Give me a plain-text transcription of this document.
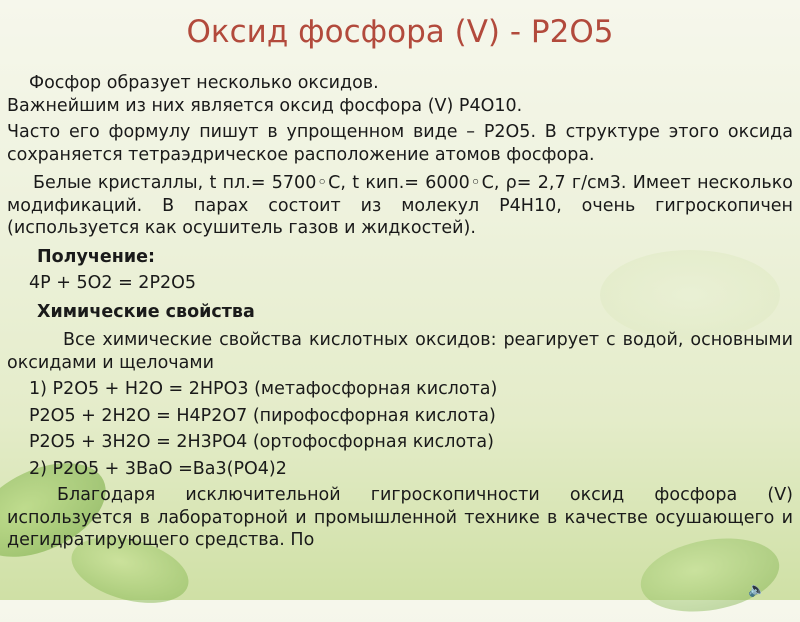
Оксид фосфора (V) - P2O5

Фосфор образует несколько оксидов.

Важнейшим из них является оксид фосфора (V) P4O10.

Часто его формулу пишут в упрощенном виде – P2O5. В структуре этого оксида сохраняется тетраэдрическое расположение атомов фосфора.

Белые кристаллы, t пл.= 5700◦С, t кип.= 6000◦С, ρ= 2,7 г/см3. Имеет несколько модификаций. В парах состоит из молекул P4H10, очень гигроскопичен (используется как осушитель газов и жидкостей).

Получение:

4P + 5O2 = 2P2O5

Химические свойства

Все химические свойства кислотных оксидов: реагирует с водой, основными оксидами и щелочами

1) P2O5 + H2O = 2HPO3 (метафосфорная кислота)

P2O5 + 2H2O = H4P2O7 (пирофосфорная кислота)

P2O5 + 3H2O = 2H3PO4 (ортофосфорная кислота)

2) P2O5 + 3BaO =Ba3(PO4)2

Благодаря исключительной гигроскопичности оксид фосфора (V) используется в лабораторной и промышленной технике в качестве осушающего и дегидратирующего средства. По

🔈
